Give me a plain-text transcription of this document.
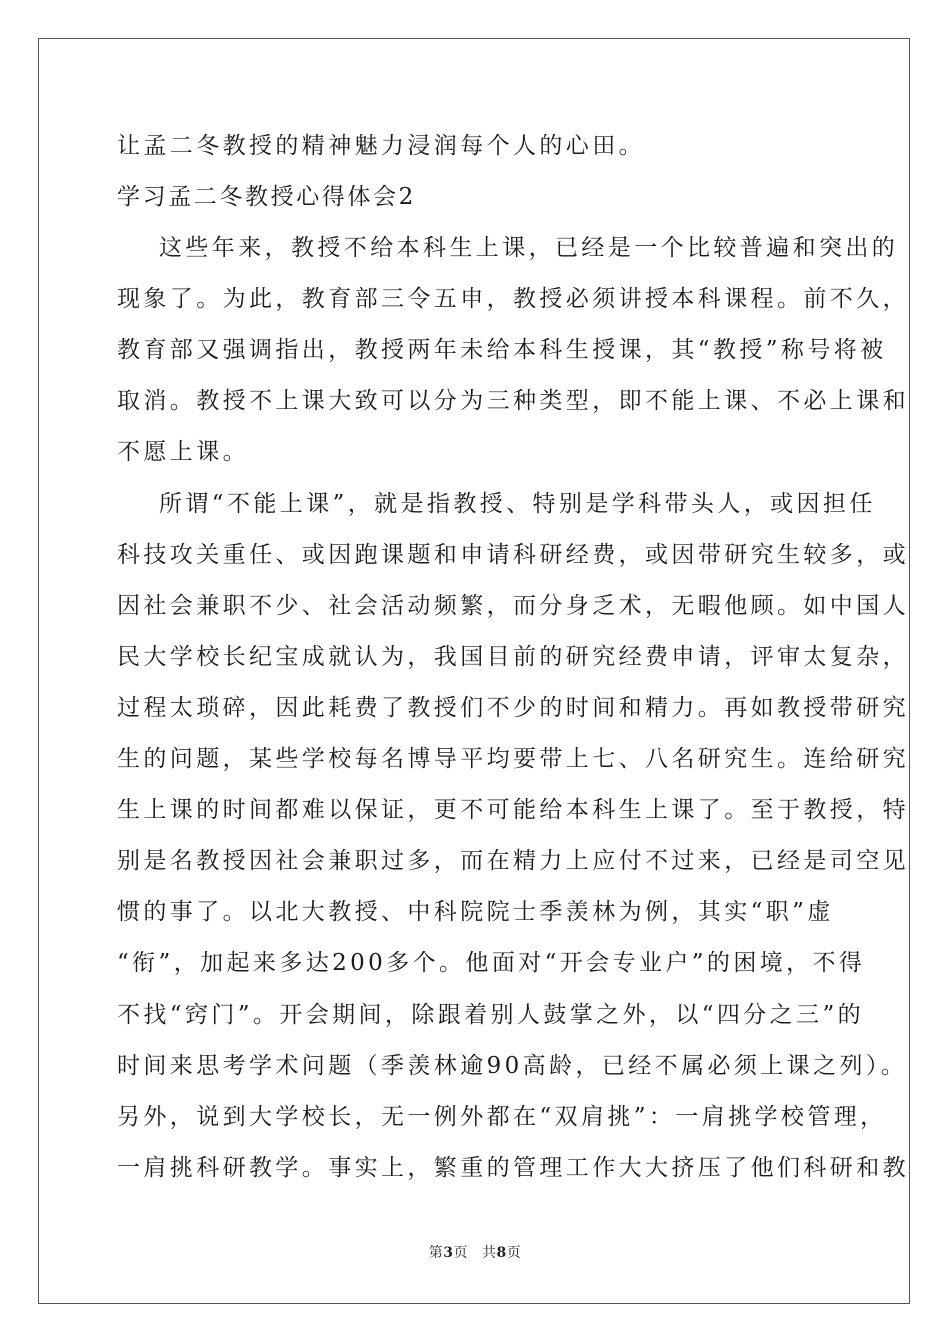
让孟二冬教授的精神魅力浸润每个人的心田。
学习孟二冬教授心得体会2
这些年来，教授不给本科生上课，已经是一个比较普遍和突出的
现象了。为此，教育部三令五申，教授必须讲授本科课程。前不久，
教育部又强调指出，教授两年未给本科生授课，其“教授”称号将被
取消。教授不上课大致可以分为三种类型，即不能上课、不必上课和
不愿上课。
所谓“不能上课”，就是指教授、特别是学科带头人，或因担任
科技攻关重任、或因跑课题和申请科研经费，或因带研究生较多，或
因社会兼职不少、社会活动频繁，而分身乏术，无暇他顾。如中国人
民大学校长纪宝成就认为，我国目前的研究经费申请，评审太复杂，
过程太琐碎，因此耗费了教授们不少的时间和精力。再如教授带研究
生的问题，某些学校每名博导平均要带上七、八名研究生。连给研究
生上课的时间都难以保证，更不可能给本科生上课了。至于教授，特
别是名教授因社会兼职过多，而在精力上应付不过来，已经是司空见
惯的事了。以北大教授、中科院院士季羡林为例，其实“职”虚
“衔”，加起来多达200多个。他面对“开会专业户”的困境，不得
不找“窍门”。开会期间，除跟着别人鼓掌之外，以“四分之三”的
时间来思考学术问题（季羡林逾90高龄，已经不属必须上课之列）。
另外，说到大学校长，无一例外都在“双肩挑”：一肩挑学校管理，
一肩挑科研教学。事实上，繁重的管理工作大大挤压了他们科研和教
第3页 共8页
